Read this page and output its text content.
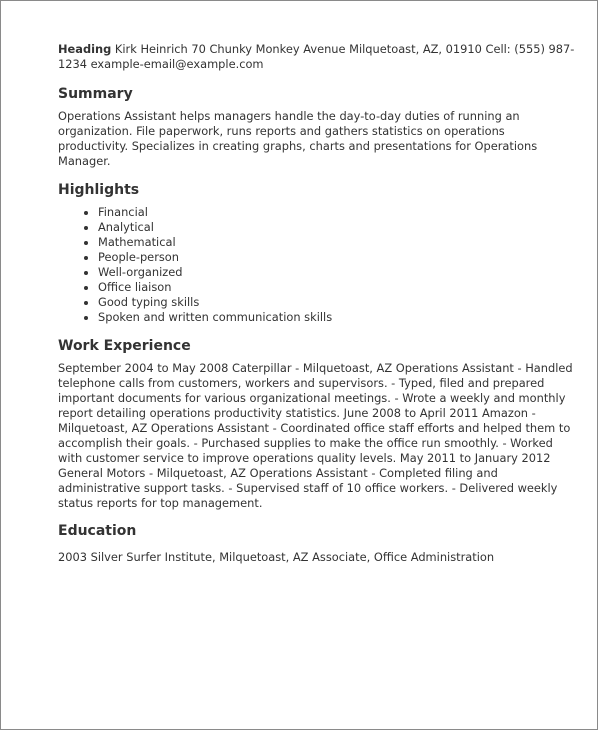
Heading Kirk Heinrich 70 Chunky Monkey Avenue Milquetoast, AZ, 01910 Cell: (555) 987-1234 example-email@example.com

Summary

Operations Assistant helps managers handle the day-to-day duties of running an organization. File paperwork, runs reports and gathers statistics on operations productivity. Specializes in creating graphs, charts and presentations for Operations Manager.

Highlights
• Financial
• Analytical
• Mathematical
• People-person
• Well-organized
• Office liaison
• Good typing skills
• Spoken and written communication skills
Work Experience

September 2004 to May 2008 Caterpillar - Milquetoast, AZ Operations Assistant - Handled telephone calls from customers, workers and supervisors. - Typed, filed and prepared important documents for various organizational meetings. - Wrote a weekly and monthly report detailing operations productivity statistics. June 2008 to April 2011 Amazon - Milquetoast, AZ Operations Assistant - Coordinated office staff efforts and helped them to accomplish their goals. - Purchased supplies to make the office run smoothly. - Worked with customer service to improve operations quality levels. May 2011 to January 2012 General Motors - Milquetoast, AZ Operations Assistant - Completed filing and administrative support tasks. - Supervised staff of 10 office workers. - Delivered weekly status reports for top management.

Education

2003 Silver Surfer Institute, Milquetoast, AZ Associate, Office Administration
